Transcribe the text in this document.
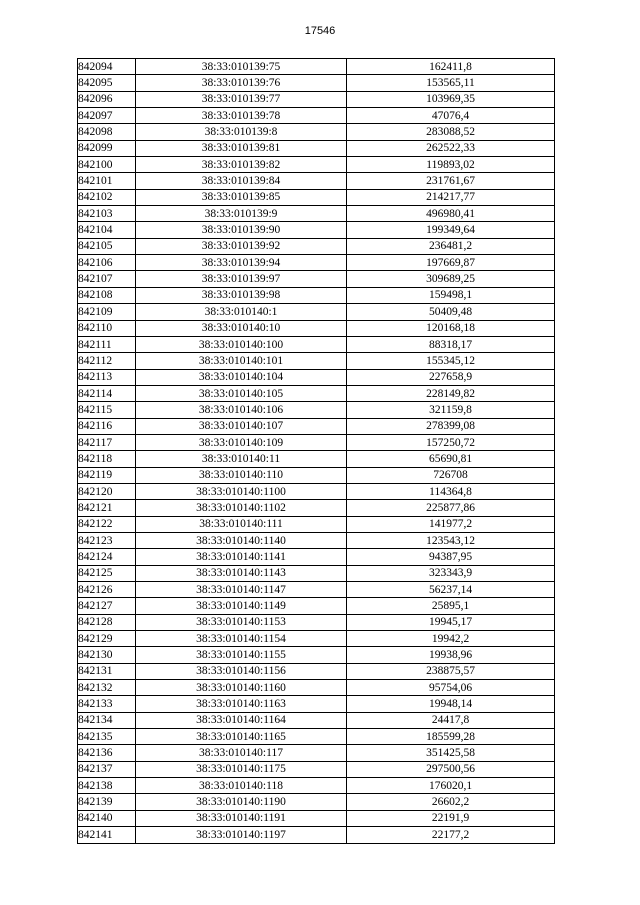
17546
842094	38:33:010139:75	162411,8
842095	38:33:010139:76	153565,11
842096	38:33:010139:77	103969,35
842097	38:33:010139:78	47076,4
842098	38:33:010139:8	283088,52
842099	38:33:010139:81	262522,33
842100	38:33:010139:82	119893,02
842101	38:33:010139:84	231761,67
842102	38:33:010139:85	214217,77
842103	38:33:010139:9	496980,41
842104	38:33:010139:90	199349,64
842105	38:33:010139:92	236481,2
842106	38:33:010139:94	197669,87
842107	38:33:010139:97	309689,25
842108	38:33:010139:98	159498,1
842109	38:33:010140:1	50409,48
842110	38:33:010140:10	120168,18
842111	38:33:010140:100	88318,17
842112	38:33:010140:101	155345,12
842113	38:33:010140:104	227658,9
842114	38:33:010140:105	228149,82
842115	38:33:010140:106	321159,8
842116	38:33:010140:107	278399,08
842117	38:33:010140:109	157250,72
842118	38:33:010140:11	65690,81
842119	38:33:010140:110	726708
842120	38:33:010140:1100	114364,8
842121	38:33:010140:1102	225877,86
842122	38:33:010140:111	141977,2
842123	38:33:010140:1140	123543,12
842124	38:33:010140:1141	94387,95
842125	38:33:010140:1143	323343,9
842126	38:33:010140:1147	56237,14
842127	38:33:010140:1149	25895,1
842128	38:33:010140:1153	19945,17
842129	38:33:010140:1154	19942,2
842130	38:33:010140:1155	19938,96
842131	38:33:010140:1156	238875,57
842132	38:33:010140:1160	95754,06
842133	38:33:010140:1163	19948,14
842134	38:33:010140:1164	24417,8
842135	38:33:010140:1165	185599,28
842136	38:33:010140:117	351425,58
842137	38:33:010140:1175	297500,56
842138	38:33:010140:118	176020,1
842139	38:33:010140:1190	26602,2
842140	38:33:010140:1191	22191,9
842141	38:33:010140:1197	22177,2
